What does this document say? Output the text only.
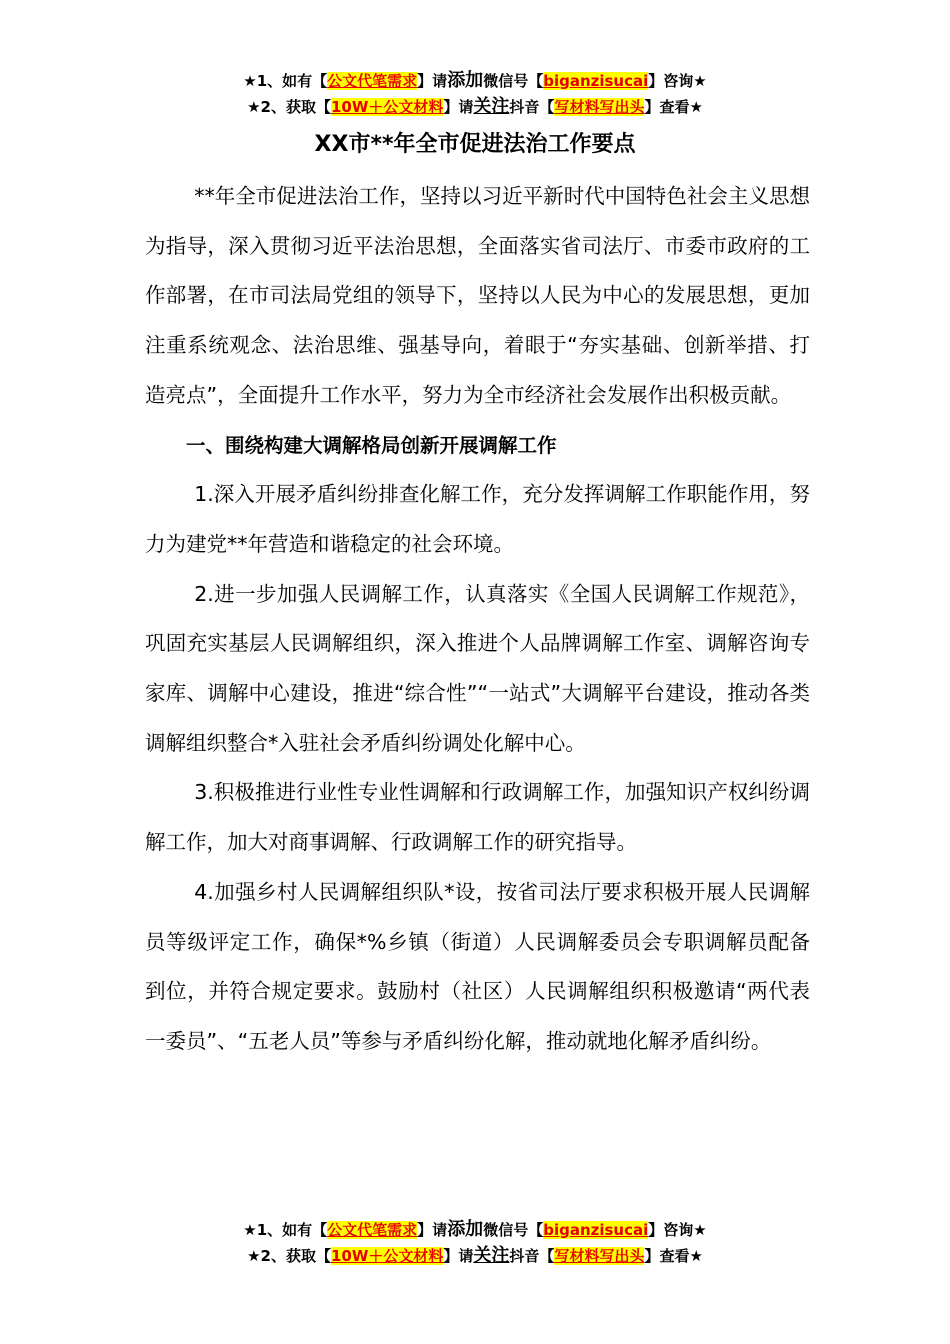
★1、如有【公文代笔需求】请添加微信号【biganzisucai】咨询★
★2、获取【10W＋公文材料】请关注抖音【写材料写出头】查看★
XX市**年全市促进法治工作要点

**年全市促进法治工作，坚持以习近平新时代中国特色社会主义思想为指导，深入贯彻习近平法治思想，全面落实省司法厅、市委市政府的工作部署，在市司法局党组的领导下，坚持以人民为中心的发展思想，更加注重系统观念、法治思维、强基导向，着眼于“夯实基础、创新举措、打造亮点”，全面提升工作水平，努力为全市经济社会发展作出积极贡献。

一、围绕构建大调解格局创新开展调解工作

1.深入开展矛盾纠纷排查化解工作，充分发挥调解工作职能作用，努力为建党**年营造和谐稳定的社会环境。

2.进一步加强人民调解工作，认真落实《全国人民调解工作规范》，巩固充实基层人民调解组织，深入推进个人品牌调解工作室、调解咨询专家库、调解中心建设，推进“综合性”“一站式”大调解平台建设，推动各类调解组织整合*入驻社会矛盾纠纷调处化解中心。

3.积极推进行业性专业性调解和行政调解工作，加强知识产权纠纷调解工作，加大对商事调解、行政调解工作的研究指导。

4.加强乡村人民调解组织队*设，按省司法厅要求积极开展人民调解员等级评定工作，确保*%乡镇（街道）人民调解委员会专职调解员配备到位，并符合规定要求。鼓励村（社区）人民调解组织积极邀请“两代表一委员”、“五老人员”等参与矛盾纠纷化解，推动就地化解矛盾纠纷。

★1、如有【公文代笔需求】请添加微信号【biganzisucai】咨询★
★2、获取【10W＋公文材料】请关注抖音【写材料写出头】查看★
